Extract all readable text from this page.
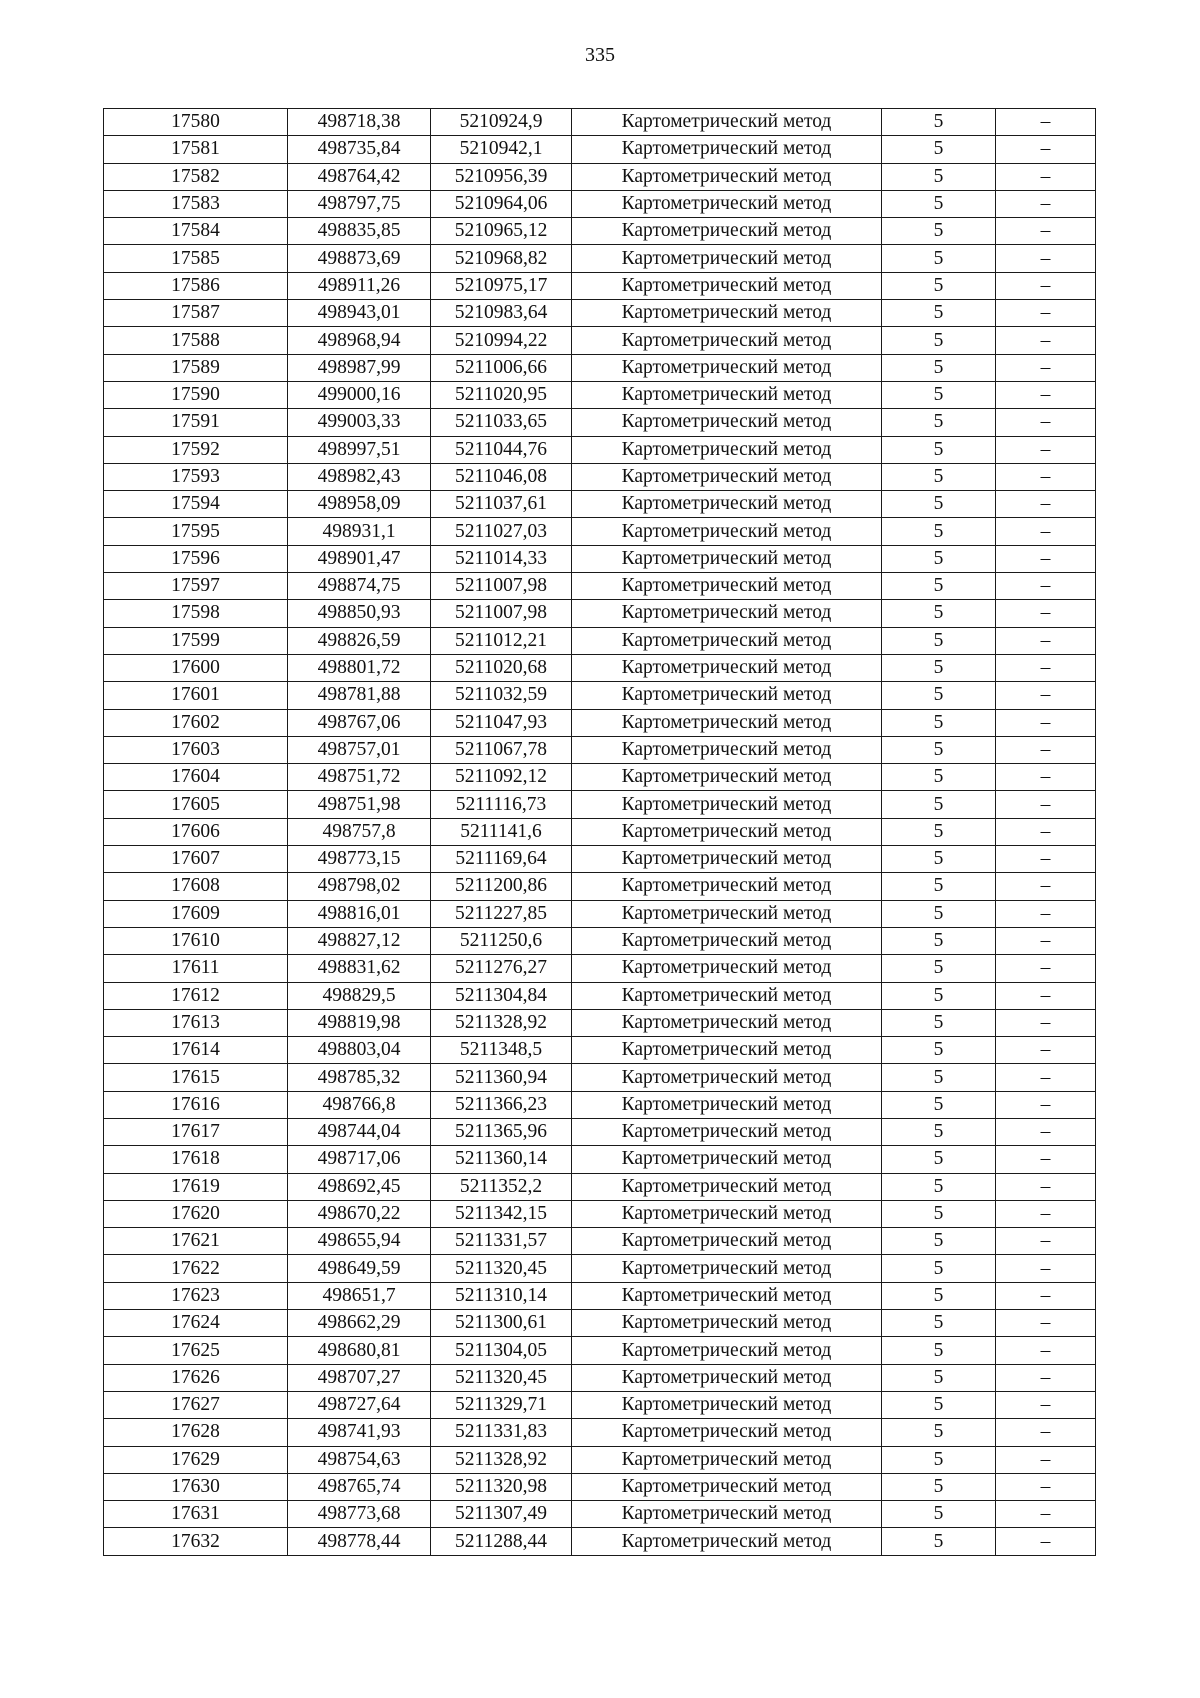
335
17580	498718,38	5210924,9	Картометрический метод	5	–
17581	498735,84	5210942,1	Картометрический метод	5	–
17582	498764,42	5210956,39	Картометрический метод	5	–
17583	498797,75	5210964,06	Картометрический метод	5	–
17584	498835,85	5210965,12	Картометрический метод	5	–
17585	498873,69	5210968,82	Картометрический метод	5	–
17586	498911,26	5210975,17	Картометрический метод	5	–
17587	498943,01	5210983,64	Картометрический метод	5	–
17588	498968,94	5210994,22	Картометрический метод	5	–
17589	498987,99	5211006,66	Картометрический метод	5	–
17590	499000,16	5211020,95	Картометрический метод	5	–
17591	499003,33	5211033,65	Картометрический метод	5	–
17592	498997,51	5211044,76	Картометрический метод	5	–
17593	498982,43	5211046,08	Картометрический метод	5	–
17594	498958,09	5211037,61	Картометрический метод	5	–
17595	498931,1	5211027,03	Картометрический метод	5	–
17596	498901,47	5211014,33	Картометрический метод	5	–
17597	498874,75	5211007,98	Картометрический метод	5	–
17598	498850,93	5211007,98	Картометрический метод	5	–
17599	498826,59	5211012,21	Картометрический метод	5	–
17600	498801,72	5211020,68	Картометрический метод	5	–
17601	498781,88	5211032,59	Картометрический метод	5	–
17602	498767,06	5211047,93	Картометрический метод	5	–
17603	498757,01	5211067,78	Картометрический метод	5	–
17604	498751,72	5211092,12	Картометрический метод	5	–
17605	498751,98	5211116,73	Картометрический метод	5	–
17606	498757,8	5211141,6	Картометрический метод	5	–
17607	498773,15	5211169,64	Картометрический метод	5	–
17608	498798,02	5211200,86	Картометрический метод	5	–
17609	498816,01	5211227,85	Картометрический метод	5	–
17610	498827,12	5211250,6	Картометрический метод	5	–
17611	498831,62	5211276,27	Картометрический метод	5	–
17612	498829,5	5211304,84	Картометрический метод	5	–
17613	498819,98	5211328,92	Картометрический метод	5	–
17614	498803,04	5211348,5	Картометрический метод	5	–
17615	498785,32	5211360,94	Картометрический метод	5	–
17616	498766,8	5211366,23	Картометрический метод	5	–
17617	498744,04	5211365,96	Картометрический метод	5	–
17618	498717,06	5211360,14	Картометрический метод	5	–
17619	498692,45	5211352,2	Картометрический метод	5	–
17620	498670,22	5211342,15	Картометрический метод	5	–
17621	498655,94	5211331,57	Картометрический метод	5	–
17622	498649,59	5211320,45	Картометрический метод	5	–
17623	498651,7	5211310,14	Картометрический метод	5	–
17624	498662,29	5211300,61	Картометрический метод	5	–
17625	498680,81	5211304,05	Картометрический метод	5	–
17626	498707,27	5211320,45	Картометрический метод	5	–
17627	498727,64	5211329,71	Картометрический метод	5	–
17628	498741,93	5211331,83	Картометрический метод	5	–
17629	498754,63	5211328,92	Картометрический метод	5	–
17630	498765,74	5211320,98	Картометрический метод	5	–
17631	498773,68	5211307,49	Картометрический метод	5	–
17632	498778,44	5211288,44	Картометрический метод	5	–
